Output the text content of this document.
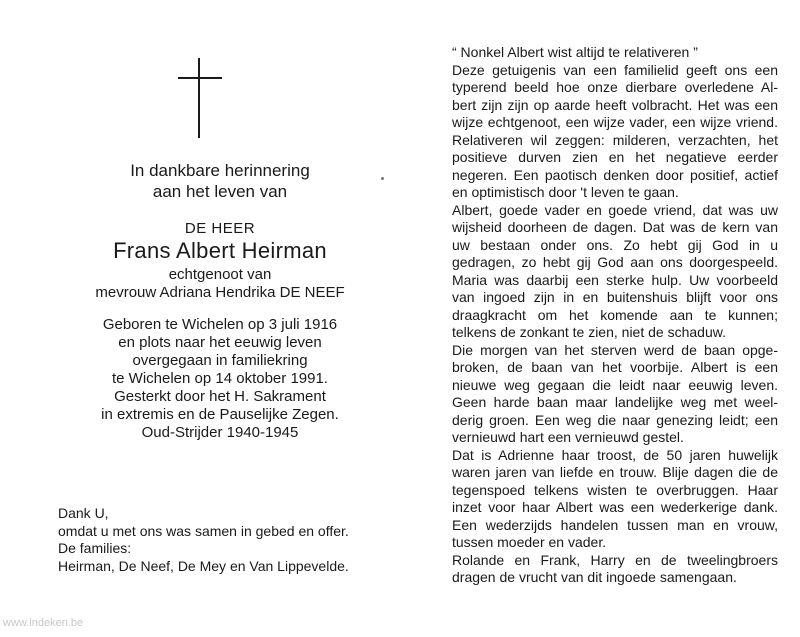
In dankbare herinnering
aan het leven van
DE HEER
Frans Albert Heirman
echtgenoot van
mevrouw Adriana Hendrika DE NEEF
Geboren te Wichelen op 3 juli 1916
en plots naar het eeuwig leven
overgegaan in familiekring
te Wichelen op 14 oktober 1991.
Gesterkt door het H. Sakrament
in extremis en de Pauselijke Zegen.
Oud-Strijder 1940-1945
Dank U,
omdat u met ons was samen in gebed en offer.
De families:
Heirman, De Neef, De Mey en Van Lippevelde.
“ Nonkel Albert wist altijd te relativeren ”
Deze getuigenis van een familielid geeft ons een
typerend beeld hoe onze dierbare overledene Al-
bert zijn zijn op aarde heeft volbracht. Het was een
wijze echtgenoot, een wijze vader, een wijze vriend.
Relativeren wil zeggen: milderen, verzachten, het
positieve durven zien en het negatieve eerder
negeren. Een paotisch denken door positief, actief
en optimistisch door 't leven te gaan.
Albert, goede vader en goede vriend, dat was uw
wijsheid doorheen de dagen. Dat was de kern van
uw bestaan onder ons. Zo hebt gij God in u
gedragen, zo hebt gij God aan ons doorgespeeld.
Maria was daarbij een sterke hulp. Uw voorbeeld
van ingoed zijn in en buitenshuis blijft voor ons
draagkracht om het komende aan te kunnen;
telkens de zonkant te zien, niet de schaduw.
Die morgen van het sterven werd de baan opge-
broken, de baan van het voorbije. Albert is een
nieuwe weg gegaan die leidt naar eeuwig leven.
Geen harde baan maar landelijke weg met weel-
derig groen. Een weg die naar genezing leidt; een
vernieuwd hart een vernieuwd gestel.
Dat is Adrienne haar troost, de 50 jaren huwelijk
waren jaren van liefde en trouw. Blije dagen die de
tegenspoed telkens wisten te overbruggen. Haar
inzet voor haar Albert was een wederkerige dank.
Een wederzijds handelen tussen man en vrouw,
tussen moeder en vader.
Rolande en Frank, Harry en de tweelingbroers
dragen de vrucht van dit ingoede samengaan.
www.indeken.be
